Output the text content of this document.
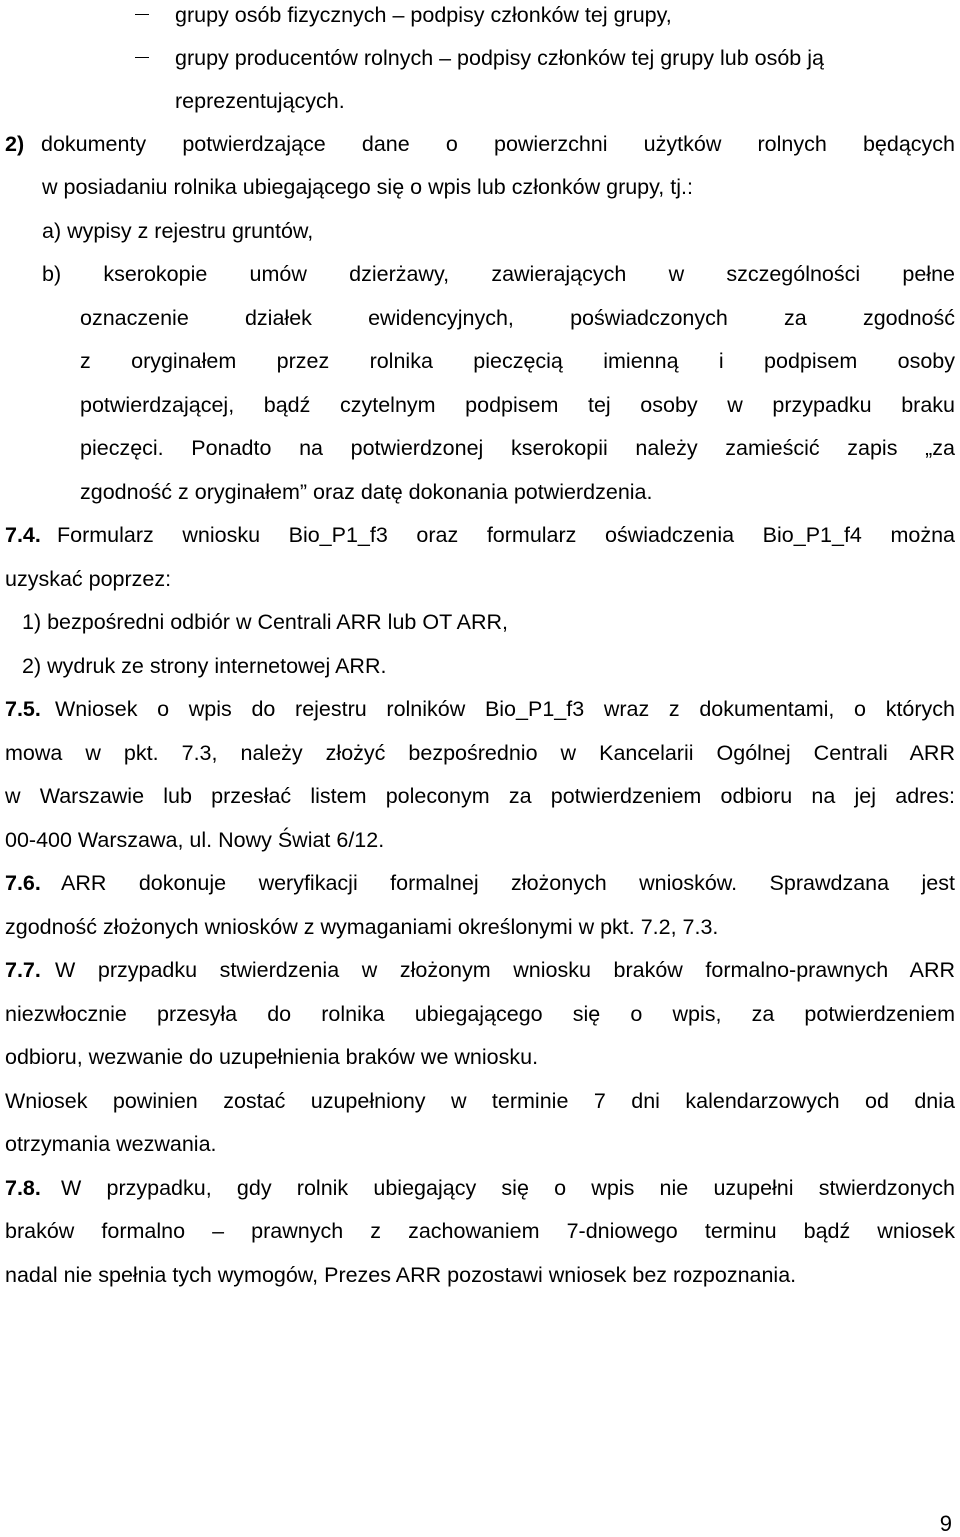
grupy osób fizycznych – podpisy członków tej grupy,
grupy producentów rolnych – podpisy członków tej grupy lub osób ją
reprezentujących.
2) dokumenty potwierdzające dane o powierzchni użytków rolnych będących
w posiadaniu rolnika ubiegającego się o wpis lub członków grupy, tj.:
a) wypisy z rejestru gruntów,
b) kserokopie umów dzierżawy, zawierających w szczególności pełne
oznaczenie działek ewidencyjnych, poświadczonych za zgodność
z oryginałem przez rolnika pieczęcią imienną i podpisem osoby
potwierdzającej, bądź czytelnym podpisem tej osoby w przypadku braku
pieczęci. Ponadto na potwierdzonej kserokopii należy zamieścić zapis „za
zgodność z oryginałem” oraz datę dokonania potwierdzenia.
7.4. Formularz wniosku Bio_P1_f3 oraz formularz oświadczenia Bio_P1_f4 można
uzyskać poprzez:
1) bezpośredni odbiór w Centrali ARR lub OT ARR,
2) wydruk ze strony internetowej ARR.
7.5. Wniosek o wpis do rejestru rolników Bio_P1_f3 wraz z dokumentami, o których
mowa w pkt. 7.3, należy złożyć bezpośrednio w Kancelarii Ogólnej Centrali ARR
w Warszawie lub przesłać listem poleconym za potwierdzeniem odbioru na jej adres:
00-400 Warszawa, ul. Nowy Świat 6/12.
7.6. ARR dokonuje weryfikacji formalnej złożonych wniosków. Sprawdzana jest
zgodność złożonych wniosków z wymaganiami określonymi w pkt. 7.2, 7.3.
7.7. W przypadku stwierdzenia w złożonym wniosku braków formalno-prawnych ARR
niezwłocznie przesyła do rolnika ubiegającego się o wpis, za potwierdzeniem
odbioru, wezwanie do uzupełnienia braków we wniosku.
Wniosek powinien zostać uzupełniony w terminie 7 dni kalendarzowych od dnia
otrzymania wezwania.
7.8. W przypadku, gdy rolnik ubiegający się o wpis nie uzupełni stwierdzonych
braków formalno – prawnych z zachowaniem 7-dniowego terminu bądź wniosek
nadal nie spełnia tych wymogów, Prezes ARR pozostawi wniosek bez rozpoznania.
9
